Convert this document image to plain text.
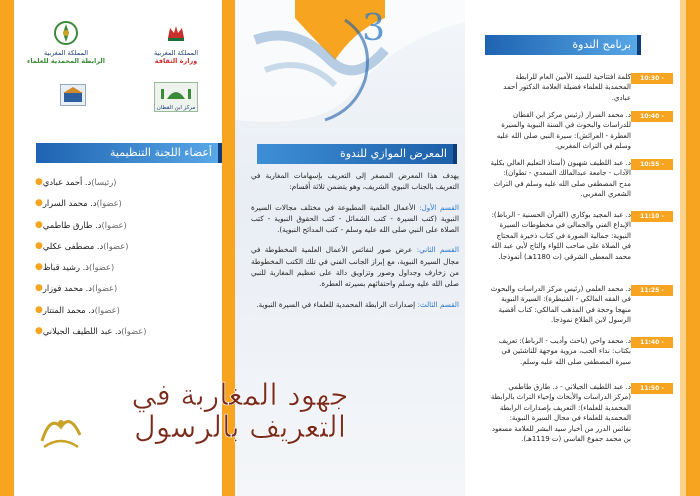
المملكة المغربية
الرابطة المحمدية للعلماء
المملكة المغربية
وزارة الثقافة
مركز ابن القطان
أعضاء اللجنة التنظيمية
(رئيسا)
د. أحمد عبادي
●
(عضوا)
د. محمد السرار
●
(عضوا)
د. طارق طاطمي
●
(عضوا)
د. مصطفى عكلي
●
(عضوا)
ذ. رشيد قباظ
●
(عضوا)
د. محمد فوزار
●
(عضوا)
د. محمد المنتار
●
(عضوا)
د. عبد اللطيف الجيلاني
●
3
المعرض الموازي للندوة

يهدف هذا المعرض المصغر إلى التعريف بإسهامات المغاربة في التعريف بالجناب النبوي الشريف، وهو يتضمن ثلاثة أقسام:

القسم الأول: الأعمال العلمية المطبوعة في مختلف مجالات السيرة النبوية (كتب السيرة - كتب الشمائل - كتب الحقوق النبوية - كتب الصلاة على النبي صلى الله عليه وسلم - كتب المدائح النبوية).

القسم الثاني: عرض صور لنفائس الأعمال العلمية المخطوطة في مجال السيرة النبوية، مع إبراز الجانب الفني في تلك الكتب المخطوطة من زخارف وجداول وصور وتزاويق دالة على تعظيم المغاربة للنبي صلى الله عليه وسلم واحتفائهم بسيرته العطرة.

القسم الثالث: إصدارات الرابطة المحمدية للعلماء في السيرة النبوية.

جهود المغاربة في
التعريف بالرسول
برنامج الندوة
كلمة افتتاحية للسيد الأمين العام للرابطة المحمدية للعلماء فضيلة العلامة الدكتور أحمد عبادي.
10:30 - 10:40
د. محمد السرار (رئيس مركز ابن القطان للدراسات والبحوث في السنة النبوية والسيرة العطرة - العرائش): سيرة النبي صلى الله عليه وسلم في التراث المغربي.
10:40 - 10:55
د. عبد اللطيف شهبون (أستاذ التعليم العالي بكلية الآداب - جامعة عبدالمالك السعدي - تطوان): مدح المصطفى صلى الله عليه وسلم في التراث الشعري المغربي.
10:55 - 11:10
د. عبد المجيد بوكاري (القرآن الحسنية - الرباط): الإبداع الفني والجمالي في مخطوطات السيرة النبوية: جمالية الصورة في كتاب ذخيرة المحتاج في الصلاة على صاحب اللواء والتاج لأبي عبد الله محمد المعطى الشرقي (ت 1180هـ) أنموذجا.
11:10 - 11:25
د. محمد العلمي (رئيس مركز الدراسات والبحوث في الفقه المالكي - القنيطرة): السيرة النبوية منهجا وحجة في المذهب المالكي: كتاب أقضية الرسول لابن الطلاع نموذجا.
11:25 - 11:40
د. محمد واحي (باحث وأديب - الرباط): تعريف بكتاب: نداء الحب، مروية موجهة للناشئين في سيرة المصطفى صلى الله عليه وسلم.
11:40 - 11:50
د. عبد اللطيف الجيلاني - د. طارق طاطمي (مركز الدراسات والأبحاث وإحياء التراث بالرابطة المحمدية للعلماء): التعريف بإصدارات الرابطة المحمدية للعلماء في مجال السيرة النبوية: نفائس الدرر من أخبار سيد البشر للعلامة مسعود بن محمد جموع الفاسي (ت 1119هـ).
11:50 - 12:00
